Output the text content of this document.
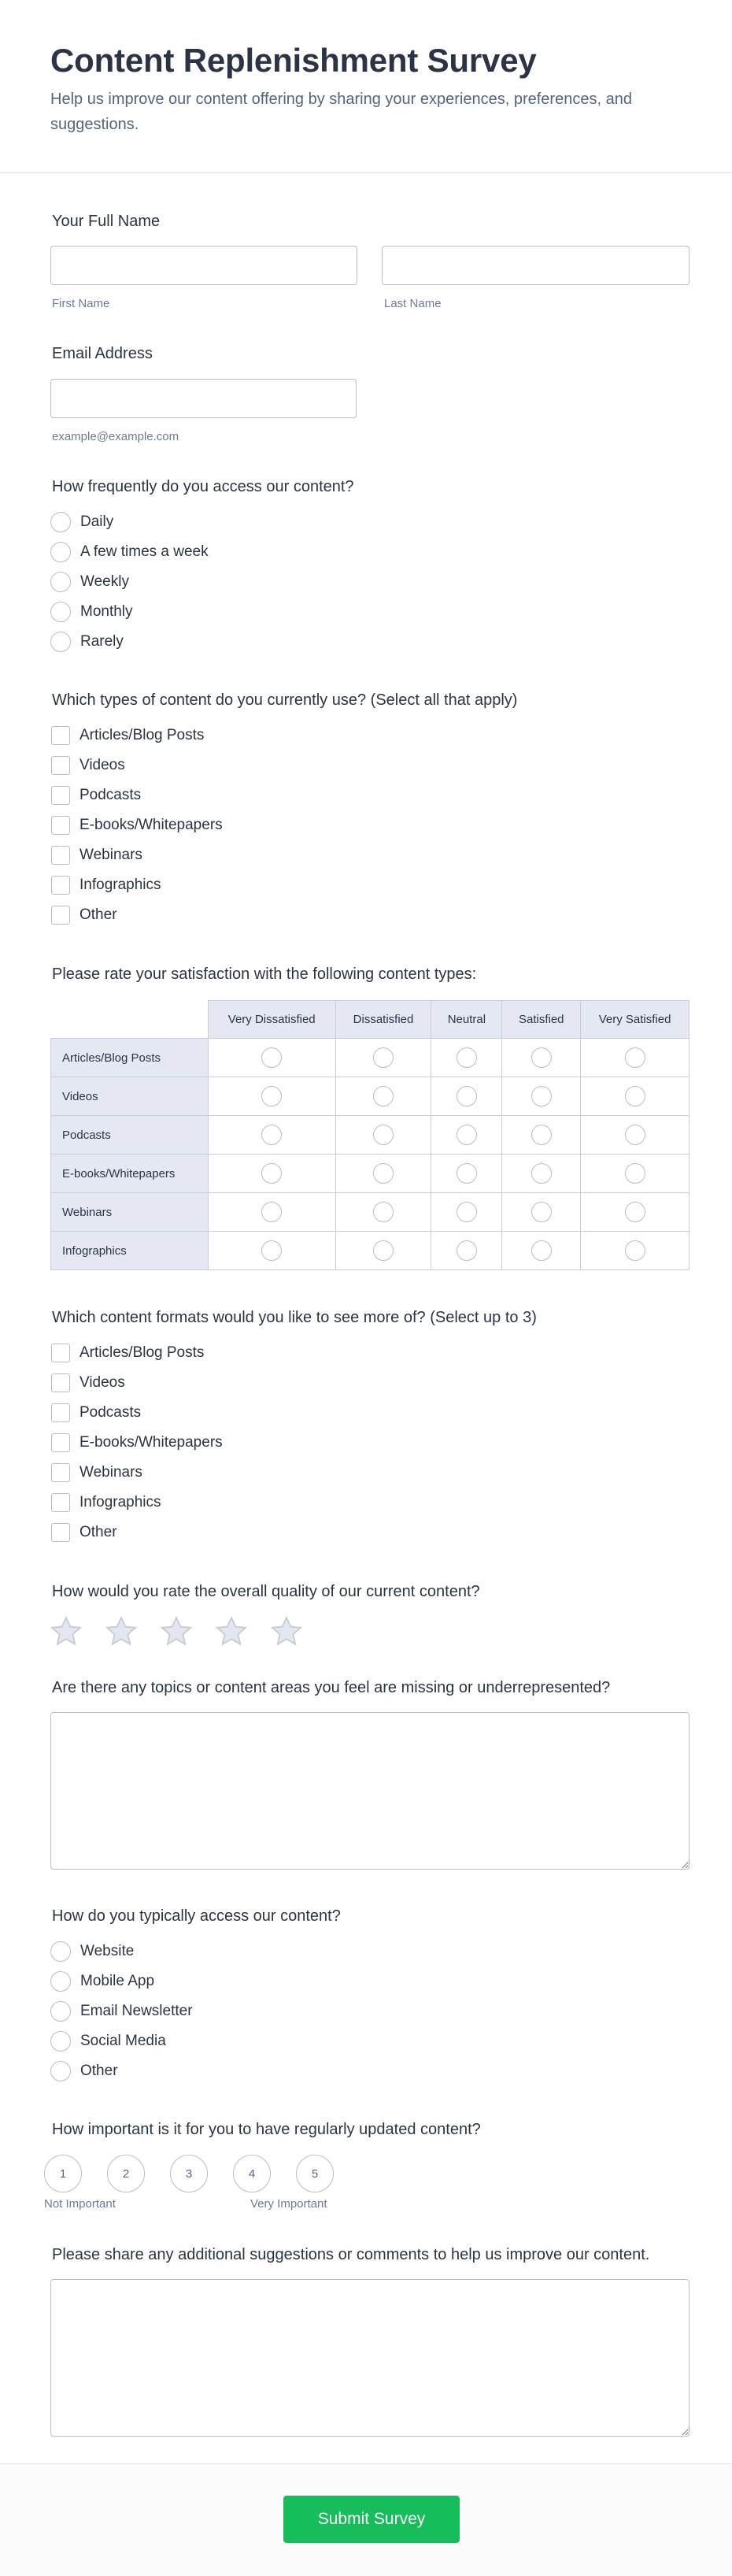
Content Replenishment Survey

Help us improve our content offering by sharing your experiences, preferences, and suggestions.

Your Full Name
First Name	Last Name
Email Address
example@example.com
How frequently do you access our content?
Daily
A few times a week
Weekly
Monthly
Rarely
Which types of content do you currently use? (Select all that apply)
Articles/Blog Posts
Videos
Podcasts
E-books/Whitepapers
Webinars
Infographics
Other
Please rate your satisfaction with the following content types:
	Very Dissatisfied	Dissatisfied	Neutral	Satisfied	Very Satisfied
Articles/Blog Posts					
Videos					
Podcasts					
E-books/Whitepapers					
Webinars					
Infographics					
Which content formats would you like to see more of? (Select up to 3)
Articles/Blog Posts
Videos
Podcasts
E-books/Whitepapers
Webinars
Infographics
Other
How would you rate the overall quality of our current content?
Are there any topics or content areas you feel are missing or underrepresented?
How do you typically access our content?
Website
Mobile App
Email Newsletter
Social Media
Other
How important is it for you to have regularly updated content?
1	2	3	4	5
Not Important	Very Important
Please share any additional suggestions or comments to help us improve our content.
Submit Survey
